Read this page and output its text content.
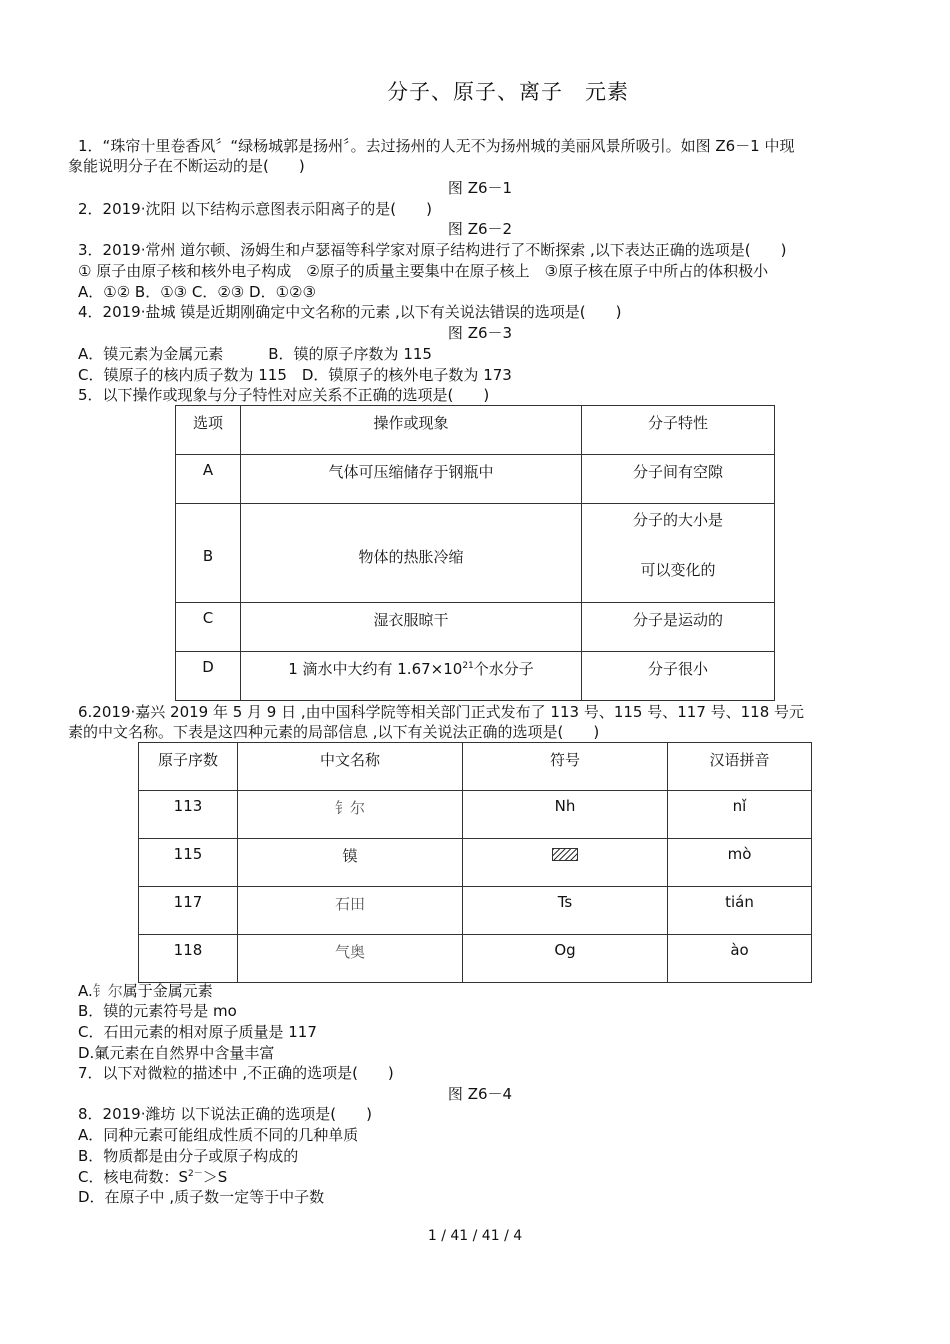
分子、原子、离子　元素
1．“珠帘十里卷香风〞“绿杨城郭是扬州〞。去过扬州的人无不为扬州城的美丽风景所吸引。如图 Z6－1 中现
象能说明分子在不断运动的是(　　)
图 Z6－1
2．2019·沈阳 以下结构示意图表示阳离子的是(　　)
图 Z6－2
3．2019·常州 道尔顿、汤姆生和卢瑟福等科学家对原子结构进行了不断探索 ,以下表达正确的选项是(　　)
① 原子由原子核和核外电子构成　②原子的质量主要集中在原子核上　③原子核在原子中所占的体积极小
A．①② B．①③ C．②③ D．①②③
4．2019·盐城 镆是近期刚确定中文名称的元素 ,以下有关说法错误的选项是(　　)
图 Z6－3
A．镆元素为金属元素　　　B．镆的原子序数为 115
C．镆原子的核内质子数为 115　D．镆原子的核外电子数为 173
5．以下操作或现象与分子特性对应关系不正确的选项是(　　)
选项	操作或现象	分子特性
A	气体可压缩储存于钢瓶中	分子间有空隙
B	物体的热胀冷缩	分子的大小是
可以变化的

C	湿衣服晾干	分子是运动的
D	1 滴水中大约有 $1.67\times 10^{21}$个水分子	分子很小
6.2019·嘉兴 2019 年 5 月 9 日 ,由中国科学院等相关部门正式发布了 113 号、115 号、117 号、118 号元
素的中文名称。下表是这四种元素的局部信息 ,以下有关说法正确的选项是(　　)
原子序数	中文名称	符号	汉语拼音
113	钅尔	Nh	nǐ
115	镆		mò
117	石田	Ts	tián
118	气奥	Og	ào
A.钅尔属于金属元素
B．镆的元素符号是 mo
C．石田元素的相对原子质量是 117
D.氭元素在自然界中含量丰富
7．以下对微粒的描述中 ,不正确的选项是(　　)
图 Z6－4
8．2019·潍坊 以下说法正确的选项是(　　)
A．同种元素可能组成性质不同的几种单质
B．物质都是由分子或原子构成的
C．核电荷数：$S^{2-}>S$
D．在原子中 ,质子数一定等于中子数
1 / 41 / 41 / 4
